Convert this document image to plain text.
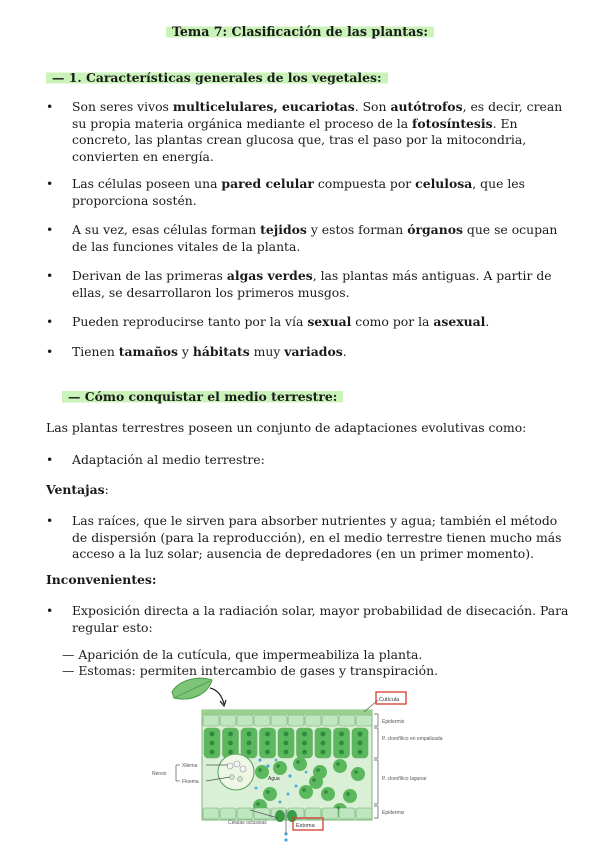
Tema 7: Clasificación de las plantas:
— 1. Características generales de los vegetales:
•	Son seres vivos multicelulares, eucariotas. Son autótrofos, es decir, crean su propia materia orgánica mediante el proceso de la fotosíntesis. En concreto, las plantas crean glucosa que, tras el paso por la mitocondria, convierten en energía.
•	Las células poseen una pared celular compuesta por celulosa, que les proporciona sostén.
•	A su vez, esas células forman tejidos y estos forman órganos que se ocupan de las funciones vitales de la planta.
•	Derivan de las primeras algas verdes, las plantas más antiguas. A partir de ellas, se desarrollaron los primeros musgos.
•	Pueden reproducirse tanto por la vía sexual como por la asexual.
•	Tienen tamaños y hábitats muy variados.
— Cómo conquistar el medio terrestre:
Las plantas terrestres poseen un conjunto de adaptaciones evolutivas como:
•	Adaptación al medio terrestre:
Ventajas:
•	Las raíces, que le sirven para absorber nutrientes y agua; también el método de dispersión (para la reproducción), en el medio terrestre tienen mucho más acceso a la luz solar; ausencia de depredadores (en un primer momento).
Inconvenientes:
•	Exposición directa a la radiación solar, mayor probabilidad de disecación. Para regular esto:
— Aparición de la cutícula, que impermeabiliza la planta.
— Estomas: permiten intercambio de gases y transpiración.
Cutícula
Epidermis
P. clorofílico en empalizada
P. clorofílico lagunar
Epidermis
Nervio
Xilema
Floema	Agua
Células oclusivas	Estoma
